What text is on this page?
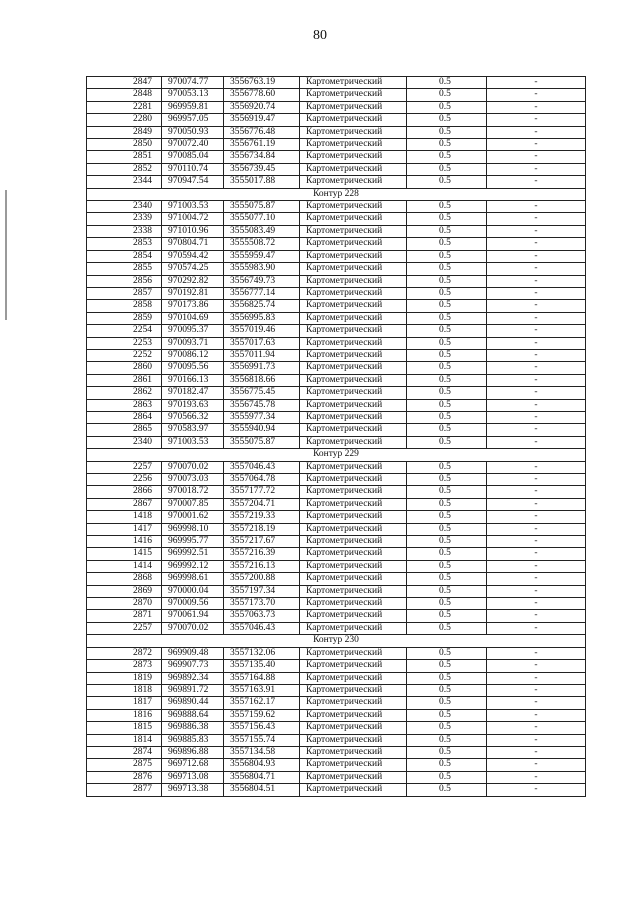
80
2847	970074.77	3556763.19	Картометрический	0.5	-
2848	970053.13	3556778.60	Картометрический	0.5	-
2281	969959.81	3556920.74	Картометрический	0.5	-
2280	969957.05	3556919.47	Картометрический	0.5	-
2849	970050.93	3556776.48	Картометрический	0.5	-
2850	970072.40	3556761.19	Картометрический	0.5	-
2851	970085.04	3556734.84	Картометрический	0.5	-
2852	970110.74	3556739.45	Картометрический	0.5	-
2344	970947.54	3555017.88	Картометрический	0.5	-
Контур 228					
2340	971003.53	3555075.87	Картометрический	0.5	-
2339	971004.72	3555077.10	Картометрический	0.5	-
2338	971010.96	3555083.49	Картометрический	0.5	-
2853	970804.71	3555508.72	Картометрический	0.5	-
2854	970594.42	3555959.47	Картометрический	0.5	-
2855	970574.25	3555983.90	Картометрический	0.5	-
2856	970292.82	3556749.73	Картометрический	0.5	-
2857	970192.81	3556777.14	Картометрический	0.5	-
2858	970173.86	3556825.74	Картометрический	0.5	-
2859	970104.69	3556995.83	Картометрический	0.5	-
2254	970095.37	3557019.46	Картометрический	0.5	-
2253	970093.71	3557017.63	Картометрический	0.5	-
2252	970086.12	3557011.94	Картометрический	0.5	-
2860	970095.56	3556991.73	Картометрический	0.5	-
2861	970166.13	3556818.66	Картометрический	0.5	-
2862	970182.47	3556775.45	Картометрический	0.5	-
2863	970193.63	3556745.78	Картометрический	0.5	-
2864	970566.32	3555977.34	Картометрический	0.5	-
2865	970583.97	3555940.94	Картометрический	0.5	-
2340	971003.53	3555075.87	Картометрический	0.5	-
Контур 229					
2257	970070.02	3557046.43	Картометрический	0.5	-
2256	970073.03	3557064.78	Картометрический	0.5	-
2866	970018.72	3557177.72	Картометрический	0.5	-
2867	970007.85	3557204.71	Картометрический	0.5	-
1418	970001.62	3557219.33	Картометрический	0.5	-
1417	969998.10	3557218.19	Картометрический	0.5	-
1416	969995.77	3557217.67	Картометрический	0.5	-
1415	969992.51	3557216.39	Картометрический	0.5	-
1414	969992.12	3557216.13	Картометрический	0.5	-
2868	969998.61	3557200.88	Картометрический	0.5	-
2869	970000.04	3557197.34	Картометрический	0.5	-
2870	970009.56	3557173.70	Картометрический	0.5	-
2871	970061.94	3557063.73	Картометрический	0.5	-
2257	970070.02	3557046.43	Картометрический	0.5	-
Контур 230					
2872	969909.48	3557132.06	Картометрический	0.5	-
2873	969907.73	3557135.40	Картометрический	0.5	-
1819	969892.34	3557164.88	Картометрический	0.5	-
1818	969891.72	3557163.91	Картометрический	0.5	-
1817	969890.44	3557162.17	Картометрический	0.5	-
1816	969888.64	3557159.62	Картометрический	0.5	-
1815	969886.38	3557156.43	Картометрический	0.5	-
1814	969885.83	3557155.74	Картометрический	0.5	-
2874	969896.88	3557134.58	Картометрический	0.5	-
2875	969712.68	3556804.93	Картометрический	0.5	-
2876	969713.08	3556804.71	Картометрический	0.5	-
2877	969713.38	3556804.51	Картометрический	0.5	-
